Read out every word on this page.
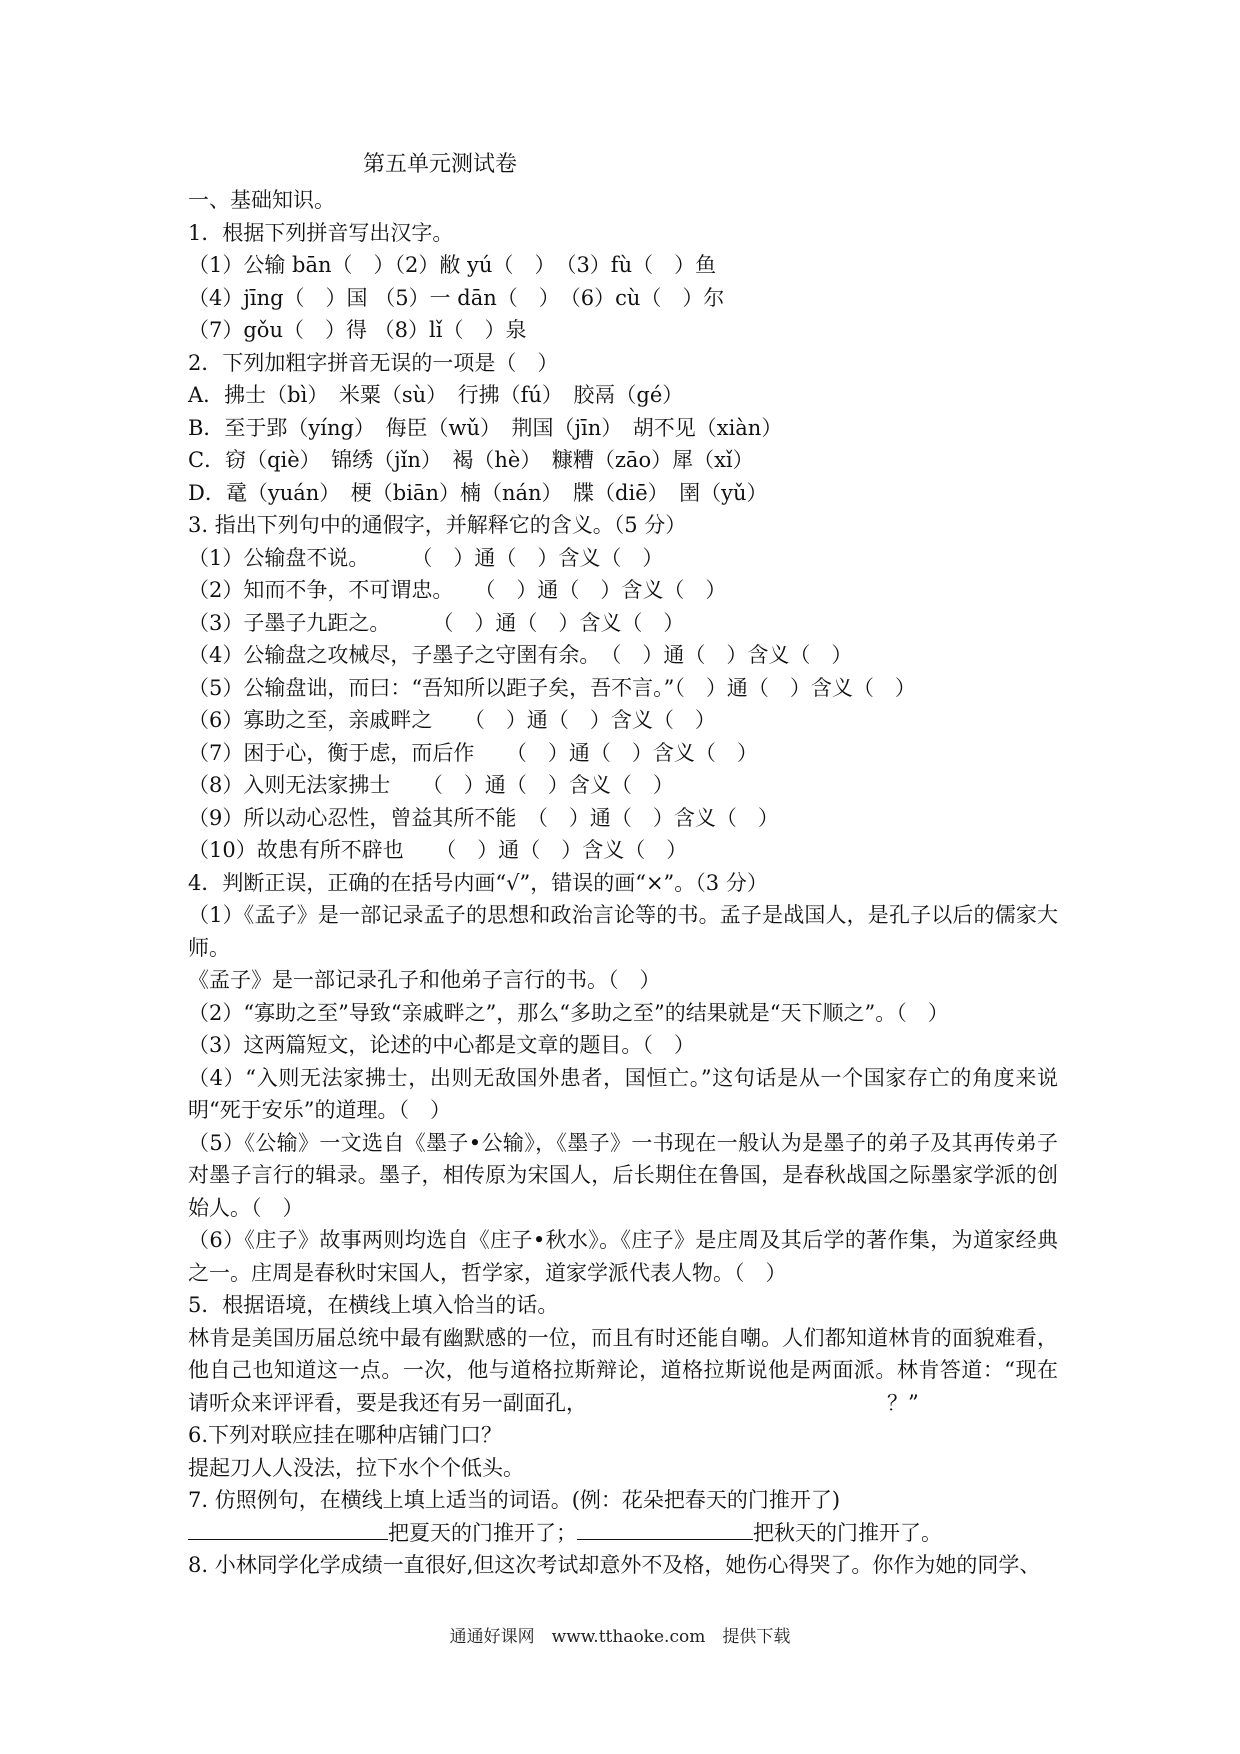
第五单元测试卷
一、基础知识。
1．根据下列拼音写出汉字。
（1）公输 bān（　）（2）敝 yú（　）　（3）fù（　）鱼
（4）jīng（　）国 （5）一 dān（　）　（6）cù（　）尔
（7）gǒu（　）得 （8）lǐ（　）泉
2．下列加粗字拼音无误的一项是（　）
A．拂士（bì）　米粟（sù）　行拂（fú）　胶鬲（gé）
B．至于郢（yíng）　侮臣（wǔ）　荆国（jīn）　胡不见（xiàn）
C．窃（qiè）　锦绣（jǐn）　褐（hè）　糠糟（zāo）犀（xǐ）
D．鼋（yuán）　梗（biān）楠（nán）　牒（diē）　圉（yǔ）
3. 指出下列句中的通假字，并解释它的含义。（5 分）
（1）公输盘不说。　　　（　）通（　）含义（　）
（2）知而不争，不可谓忠。　　（　）通（　）含义（　）
（3）子墨子九距之。　　　（　）通（　）含义（　）
（4）公输盘之攻械尽，子墨子之守圉有余。　（　）通（　）含义（　）
（5）公输盘诎，而曰：“吾知所以距子矣，吾不言。”（　）通（　）含义（　）
（6）寡助之至，亲戚畔之　　（　）通（　）含义（　）
（7）困于心，衡于虑，而后作　　（　）通（　）含义（　）
（8）入则无法家拂士　　（　）通（　）含义（　）
（9）所以动心忍性，曾益其所不能　（　）通（　）含义（　）
（10）故患有所不辟也　　（　）通（　）含义（　）
4．判断正误，正确的在括号内画“√”，错误的画“×”。（3 分）
（1）《孟子》是一部记录孟子的思想和政治言论等的书。孟子是战国人，是孔子以后的儒家大师。
《孟子》是一部记录孔子和他弟子言行的书。（　）
（2）“寡助之至”导致“亲戚畔之”，那么“多助之至”的结果就是“天下顺之”。（　）
（3）这两篇短文，论述的中心都是文章的题目。（　）
（4）“入则无法家拂士，出则无敌国外患者，国恒亡。”这句话是从一个国家存亡的角度来说明“死于安乐”的道理。（　）
（5）《公输》一文选自《墨子•公输》，《墨子》一书现在一般认为是墨子的弟子及其再传弟子对墨子言行的辑录。墨子，相传原为宋国人，后长期住在鲁国，是春秋战国之际墨家学派的创始人。（　）
（6）《庄子》故事两则均选自《庄子•秋水》。《庄子》是庄周及其后学的著作集，为道家经典之一。庄周是春秋时宋国人，哲学家，道家学派代表人物。（　）
5．根据语境，在横线上填入恰当的话。
林肯是美国历届总统中最有幽默感的一位，而且有时还能自嘲。人们都知道林肯的面貌难看，他自己也知道这一点。一次，他与道格拉斯辩论，道格拉斯说他是两面派。林肯答道：“现在请听众来评评看，要是我还有另一副面孔，	？”
6.下列对联应挂在哪种店铺门口？
提起刀人人没法，拉下水个个低头。
7. 仿照例句，在横线上填上适当的词语。(例：花朵把春天的门推开了)
把夏天的门推开了；	把秋天的门推开了。
8. 小林同学化学成绩一直很好,但这次考试却意外不及格，她伤心得哭了。你作为她的同学、
通通好课网　www.tthaoke.com　提供下载
